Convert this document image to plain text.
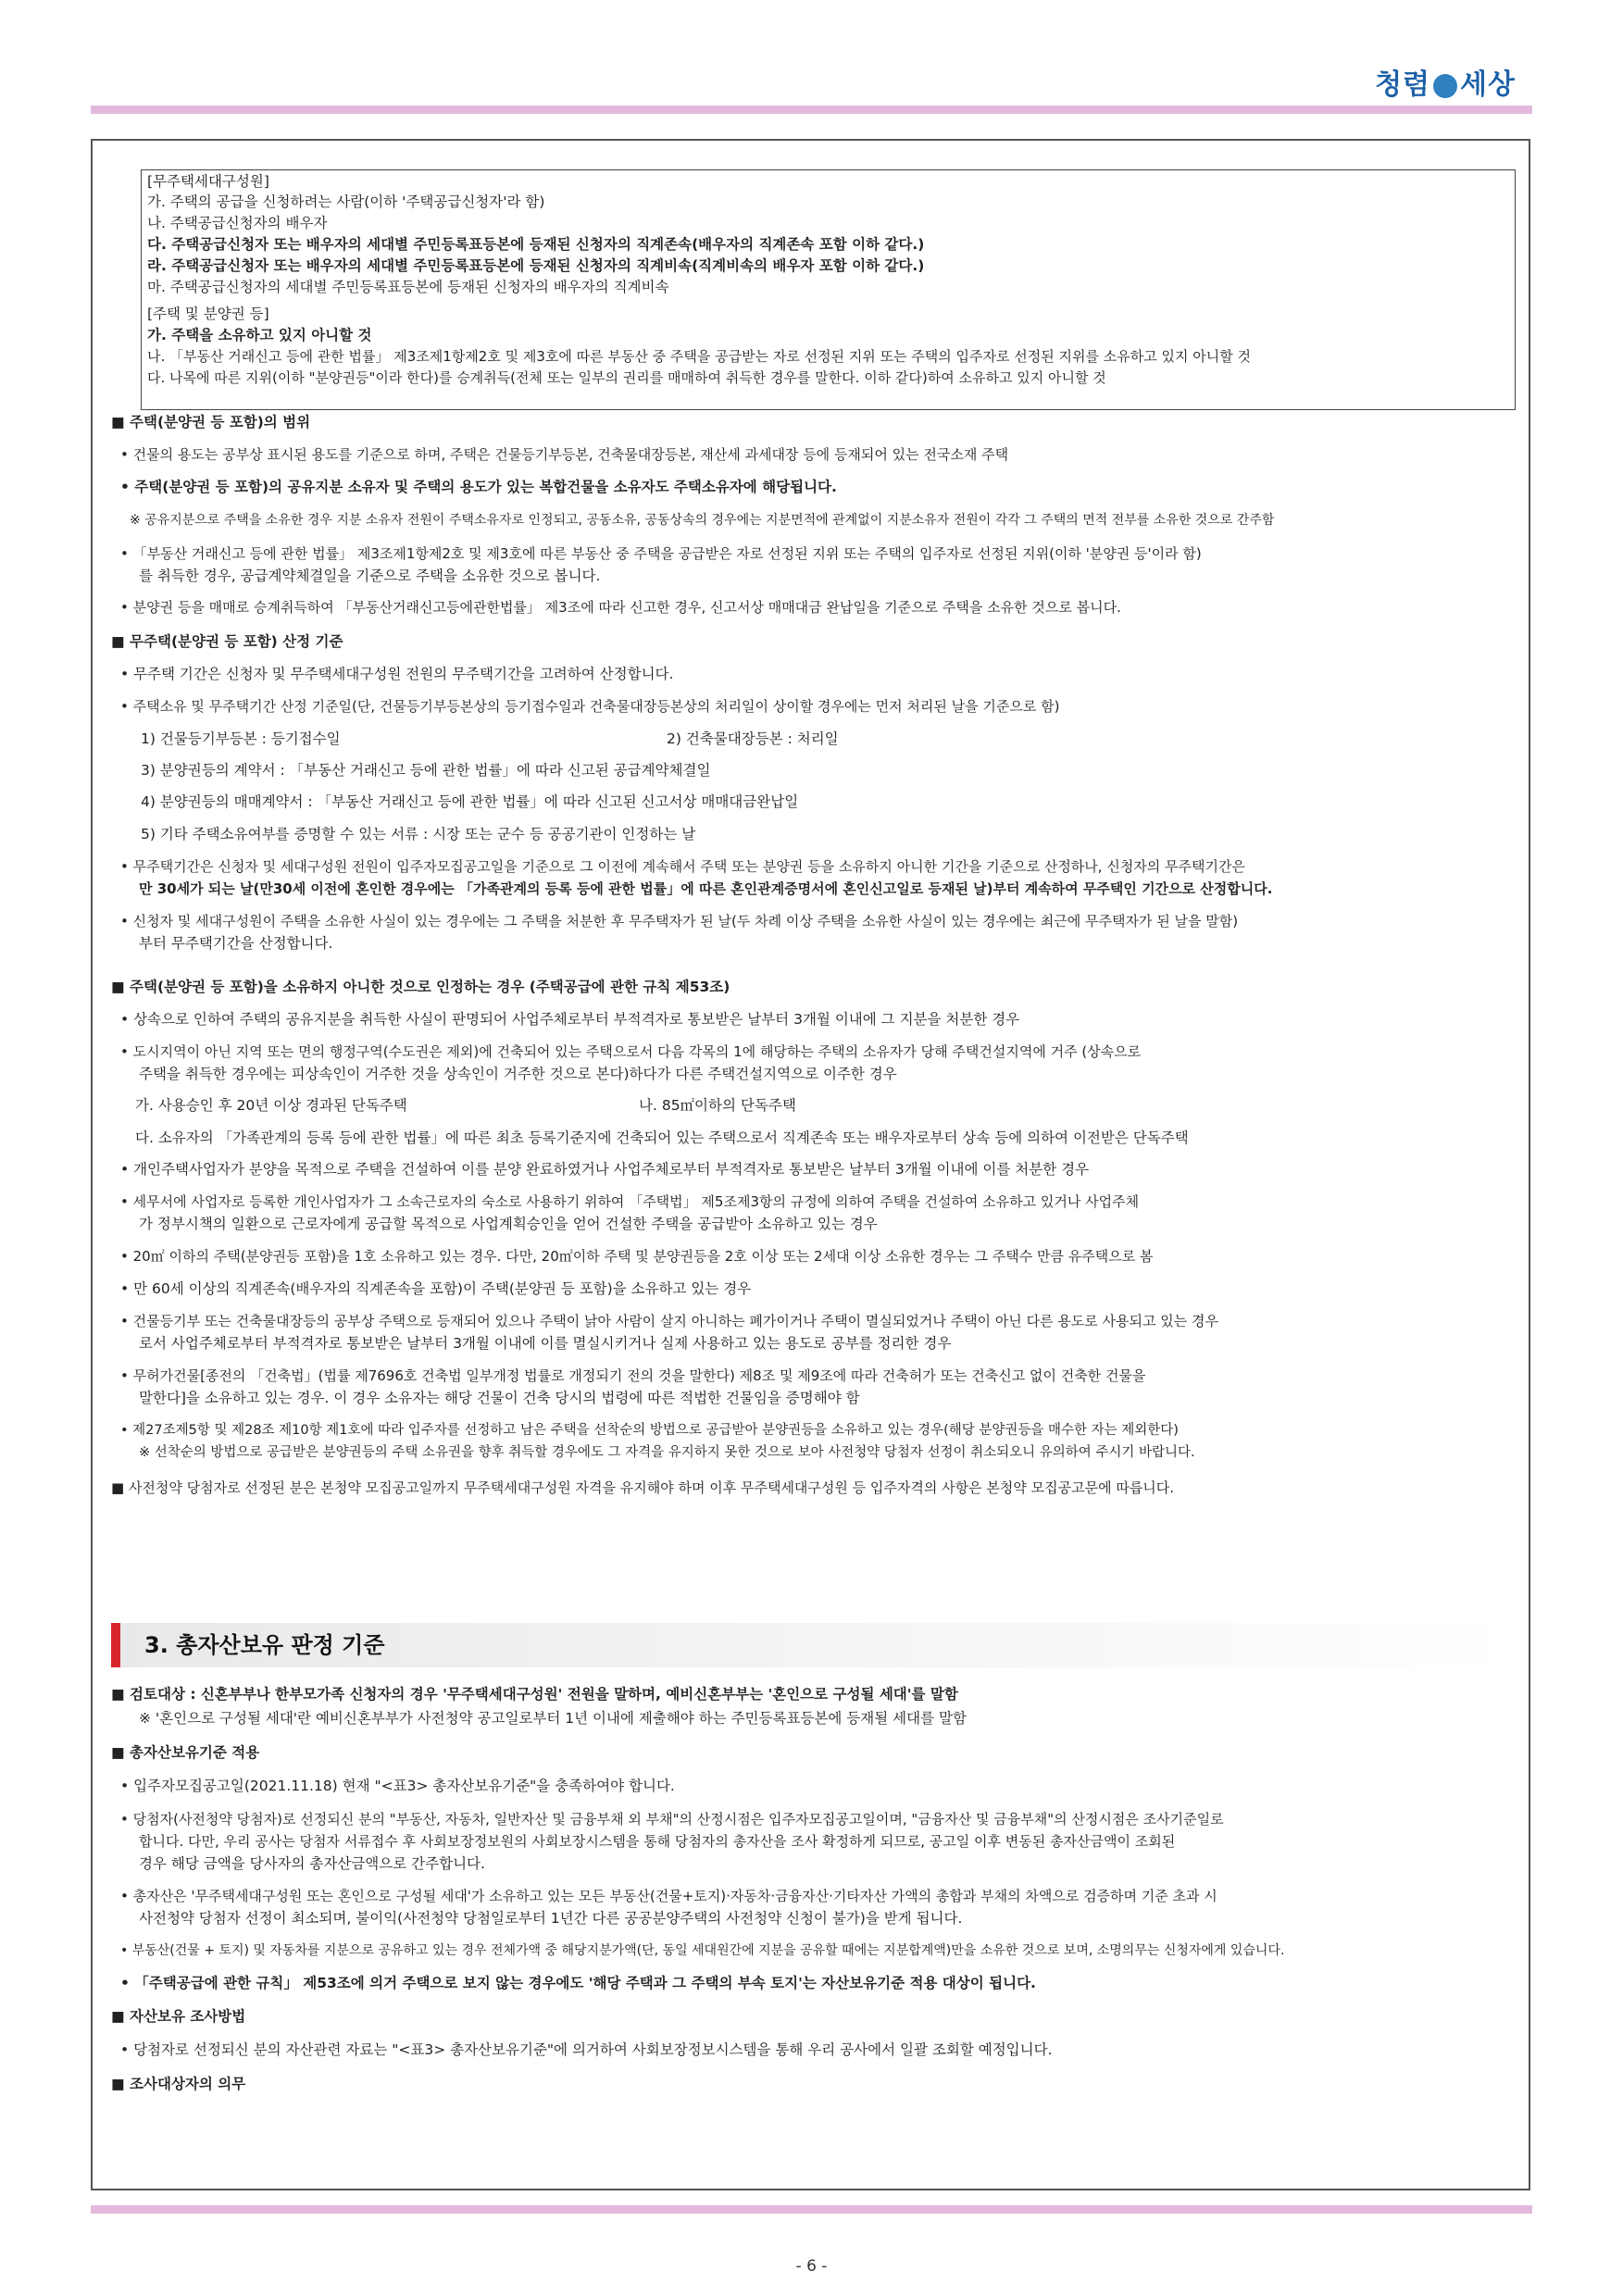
청렴 세상
[무주택세대구성원]
가. 주택의 공급을 신청하려는 사람(이하 '주택공급신청자'라 함)
나. 주택공급신청자의 배우자
다. 주택공급신청자 또는 배우자의 세대별 주민등록표등본에 등재된 신청자의 직계존속(배우자의 직계존속 포함 이하 같다.)
라. 주택공급신청자 또는 배우자의 세대별 주민등록표등본에 등재된 신청자의 직계비속(직계비속의 배우자 포함 이하 같다.)
마. 주택공급신청자의 세대별 주민등록표등본에 등재된 신청자의 배우자의 직계비속
[주택 및 분양권 등]
가. 주택을 소유하고 있지 아니할 것
나. 「부동산 거래신고 등에 관한 법률」 제3조제1항제2호 및 제3호에 따른 부동산 중 주택을 공급받는 자로 선정된 지위 또는 주택의 입주자로 선정된 지위를 소유하고 있지 아니할 것
다. 나목에 따른 지위(이하 "분양권등"이라 한다)를 승계취득(전체 또는 일부의 권리를 매매하여 취득한 경우를 말한다. 이하 같다)하여 소유하고 있지 아니할 것
■ 주택(분양권 등 포함)의 범위
• 건물의 용도는 공부상 표시된 용도를 기준으로 하며, 주택은 건물등기부등본, 건축물대장등본, 재산세 과세대장 등에 등재되어 있는 전국소재 주택
• 주택(분양권 등 포함)의 공유지분 소유자 및 주택의 용도가 있는 복합건물을 소유자도 주택소유자에 해당됩니다.
※ 공유지분으로 주택을 소유한 경우 지분 소유자 전원이 주택소유자로 인정되고, 공동소유, 공동상속의 경우에는 지분면적에 관계없이 지분소유자 전원이 각각 그 주택의 면적 전부를 소유한 것으로 간주함
• 「부동산 거래신고 등에 관한 법률」 제3조제1항제2호 및 제3호에 따른 부동산 중 주택을 공급받은 자로 선정된 지위 또는 주택의 입주자로 선정된 지위(이하 '분양권 등'이라 함)
를 취득한 경우, 공급계약체결일을 기준으로 주택을 소유한 것으로 봅니다.
• 분양권 등을 매매로 승계취득하여 「부동산거래신고등에관한법률」 제3조에 따라 신고한 경우, 신고서상 매매대금 완납일을 기준으로 주택을 소유한 것으로 봅니다.
■ 무주택(분양권 등 포함) 산정 기준
• 무주택 기간은 신청자 및 무주택세대구성원 전원의 무주택기간을 고려하여 산정합니다.
• 주택소유 및 무주택기간 산정 기준일(단, 건물등기부등본상의 등기접수일과 건축물대장등본상의 처리일이 상이할 경우에는 먼저 처리된 날을 기준으로 함)
1) 건물등기부등본 : 등기접수일	2) 건축물대장등본 : 처리일
3) 분양권등의 계약서 : 「부동산 거래신고 등에 관한 법률」에 따라 신고된 공급계약체결일
4) 분양권등의 매매계약서 : 「부동산 거래신고 등에 관한 법률」에 따라 신고된 신고서상 매매대금완납일
5) 기타 주택소유여부를 증명할 수 있는 서류 : 시장 또는 군수 등 공공기관이 인정하는 날
• 무주택기간은 신청자 및 세대구성원 전원이 입주자모집공고일을 기준으로 그 이전에 계속해서 주택 또는 분양권 등을 소유하지 아니한 기간을 기준으로 산정하나, 신청자의 무주택기간은
만 30세가 되는 날(만30세 이전에 혼인한 경우에는 「가족관계의 등록 등에 관한 법률」에 따른 혼인관계증명서에 혼인신고일로 등재된 날)부터 계속하여 무주택인 기간으로 산정합니다.
• 신청자 및 세대구성원이 주택을 소유한 사실이 있는 경우에는 그 주택을 처분한 후 무주택자가 된 날(두 차례 이상 주택을 소유한 사실이 있는 경우에는 최근에 무주택자가 된 날을 말함)
부터 무주택기간을 산정합니다.
■ 주택(분양권 등 포함)을 소유하지 아니한 것으로 인정하는 경우 (주택공급에 관한 규칙 제53조)
• 상속으로 인하여 주택의 공유지분을 취득한 사실이 판명되어 사업주체로부터 부적격자로 통보받은 날부터 3개월 이내에 그 지분을 처분한 경우
• 도시지역이 아닌 지역 또는 면의 행정구역(수도권은 제외)에 건축되어 있는 주택으로서 다음 각목의 1에 해당하는 주택의 소유자가 당해 주택건설지역에 거주 (상속으로
주택을 취득한 경우에는 피상속인이 거주한 것을 상속인이 거주한 것으로 본다)하다가 다른 주택건설지역으로 이주한 경우
가. 사용승인 후 20년 이상 경과된 단독주택	나. 85㎡이하의 단독주택
다. 소유자의 「가족관계의 등록 등에 관한 법률」에 따른 최초 등록기준지에 건축되어 있는 주택으로서 직계존속 또는 배우자로부터 상속 등에 의하여 이전받은 단독주택
• 개인주택사업자가 분양을 목적으로 주택을 건설하여 이를 분양 완료하였거나 사업주체로부터 부적격자로 통보받은 날부터 3개월 이내에 이를 처분한 경우
• 세무서에 사업자로 등록한 개인사업자가 그 소속근로자의 숙소로 사용하기 위하여 「주택법」 제5조제3항의 규정에 의하여 주택을 건설하여 소유하고 있거나 사업주체
가 정부시책의 일환으로 근로자에게 공급할 목적으로 사업계획승인을 얻어 건설한 주택을 공급받아 소유하고 있는 경우
• 20㎡ 이하의 주택(분양권등 포함)을 1호 소유하고 있는 경우. 다만, 20㎡이하 주택 및 분양권등을 2호 이상 또는 2세대 이상 소유한 경우는 그 주택수 만큼 유주택으로 봄
• 만 60세 이상의 직계존속(배우자의 직계존속을 포함)이 주택(분양권 등 포함)을 소유하고 있는 경우
• 건물등기부 또는 건축물대장등의 공부상 주택으로 등재되어 있으나 주택이 낡아 사람이 살지 아니하는 폐가이거나 주택이 멸실되었거나 주택이 아닌 다른 용도로 사용되고 있는 경우
로서 사업주체로부터 부적격자로 통보받은 날부터 3개월 이내에 이를 멸실시키거나 실제 사용하고 있는 용도로 공부를 정리한 경우
• 무허가건물[종전의 「건축법」(법률 제7696호 건축법 일부개정 법률로 개정되기 전의 것을 말한다) 제8조 및 제9조에 따라 건축허가 또는 건축신고 없이 건축한 건물을
말한다]을 소유하고 있는 경우. 이 경우 소유자는 해당 건물이 건축 당시의 법령에 따른 적법한 건물임을 증명해야 함
• 제27조제5항 및 제28조 제10항 제1호에 따라 입주자를 선정하고 남은 주택을 선착순의 방법으로 공급받아 분양권등을 소유하고 있는 경우(해당 분양권등을 매수한 자는 제외한다)
※ 선착순의 방법으로 공급받은 분양권등의 주택 소유권을 향후 취득할 경우에도 그 자격을 유지하지 못한 것으로 보아 사전청약 당첨자 선정이 취소되오니 유의하여 주시기 바랍니다.
■ 사전청약 당첨자로 선정된 분은 본청약 모집공고일까지 무주택세대구성원 자격을 유지해야 하며 이후 무주택세대구성원 등 입주자격의 사항은 본청약 모집공고문에 따릅니다.
3. 총자산보유 판정 기준
■ 검토대상 : 신혼부부나 한부모가족 신청자의 경우 '무주택세대구성원' 전원을 말하며, 예비신혼부부는 '혼인으로 구성될 세대'를 말함
※ '혼인으로 구성될 세대'란 예비신혼부부가 사전청약 공고일로부터 1년 이내에 제출해야 하는 주민등록표등본에 등재될 세대를 말함
■ 총자산보유기준 적용
• 입주자모집공고일(2021.11.18) 현재 "<표3> 총자산보유기준"을 충족하여야 합니다.
• 당첨자(사전청약 당첨자)로 선정되신 분의 "부동산, 자동차, 일반자산 및 금융부채 외 부채"의 산정시점은 입주자모집공고일이며, "금융자산 및 금융부채"의 산정시점은 조사기준일로
합니다. 다만, 우리 공사는 당첨자 서류접수 후 사회보장정보원의 사회보장시스템을 통해 당첨자의 총자산을 조사 확정하게 되므로, 공고일 이후 변동된 총자산금액이 조회된
경우 해당 금액을 당사자의 총자산금액으로 간주합니다.
• 총자산은 '무주택세대구성원 또는 혼인으로 구성될 세대'가 소유하고 있는 모든 부동산(건물+토지)·자동차·금융자산·기타자산 가액의 총합과 부채의 차액으로 검증하며 기준 초과 시
사전청약 당첨자 선정이 최소되며, 불이익(사전청약 당첨일로부터 1년간 다른 공공분양주택의 사전청약 신청이 불가)을 받게 됩니다.
• 부동산(건물 + 토지) 및 자동차를 지분으로 공유하고 있는 경우 전체가액 중 해당지분가액(단, 동일 세대원간에 지분을 공유할 때에는 지분합계액)만을 소유한 것으로 보며, 소명의무는 신청자에게 있습니다.
• 「주택공급에 관한 규칙」 제53조에 의거 주택으로 보지 않는 경우에도 '해당 주택과 그 주택의 부속 토지'는 자산보유기준 적용 대상이 됩니다.
■ 자산보유 조사방법
• 당첨자로 선정되신 분의 자산관련 자료는 "<표3> 총자산보유기준"에 의거하여 사회보장정보시스템을 통해 우리 공사에서 일괄 조회할 예정입니다.
■ 조사대상자의 의무
- 6 -
